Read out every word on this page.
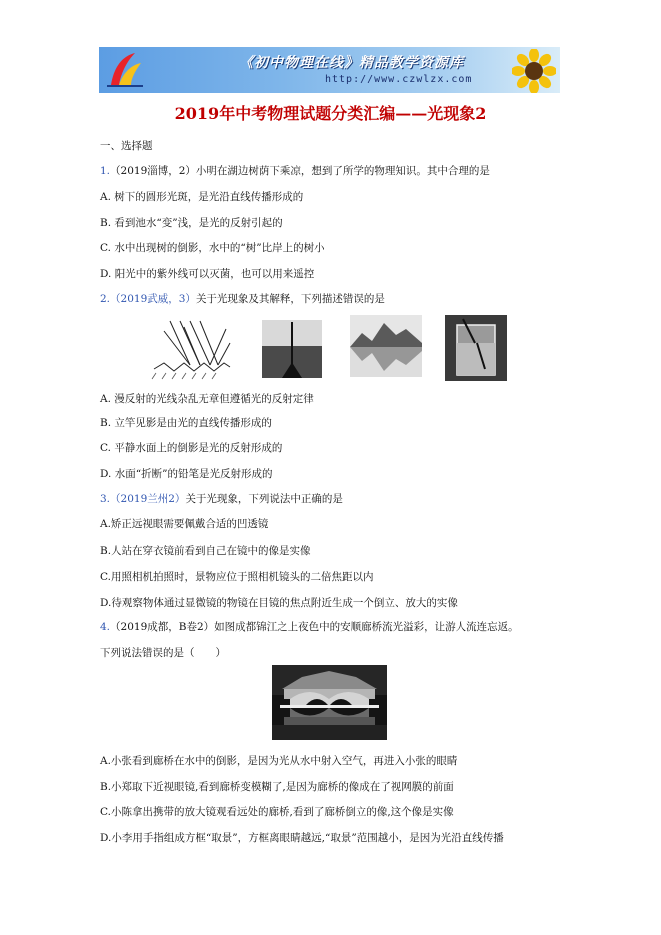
《初中物理在线》精品教学资源库
http://www.czwlzx.com
2019年中考物理试题分类汇编——光现象2
一、选择题
1.（2019淄博，2）小明在湖边树荫下乘凉，想到了所学的物理知识。其中合理的是
A. 树下的圆形光斑，是光沿直线传播形成的
B. 看到池水“变”浅，是光的反射引起的
C. 水中出现树的倒影，水中的“树”比岸上的树小
D. 阳光中的紫外线可以灭菌，也可以用来遥控
2.（2019武威，3）关于光现象及其解释，下列描述错误的是
A. 漫反射的光线杂乱无章但遵循光的反射定律
B. 立竿见影是由光的直线传播形成的
C. 平静水面上的倒影是光的反射形成的
D. 水面“折断”的铅笔是光反射形成的
3.（2019兰州2）关于光现象，下列说法中正确的是
A.矫正远视眼需要佩戴合适的凹透镜
B.人站在穿衣镜前看到自己在镜中的像是实像
C.用照相机拍照时，景物应位于照相机镜头的二倍焦距以内
D.待观察物体通过显微镜的物镜在目镜的焦点附近生成一个倒立、放大的实像
4.（2019成都，B卷2）如图成都锦江之上夜色中的安顺廊桥流光溢彩，让游人流连忘返。
下列说法错误的是（　　）
A.小张看到廊桥在水中的倒影，是因为光从水中射入空气，再进入小张的眼睛
B.小郑取下近视眼镜,看到廊桥变模糊了,是因为廊桥的像成在了视网膜的前面
C.小陈拿出携带的放大镜观看远处的廊桥,看到了廊桥倒立的像,这个像是实像
D.小李用手指组成方框“取景”，方框离眼睛越远,“取景”范围越小，是因为光沿直线传播
